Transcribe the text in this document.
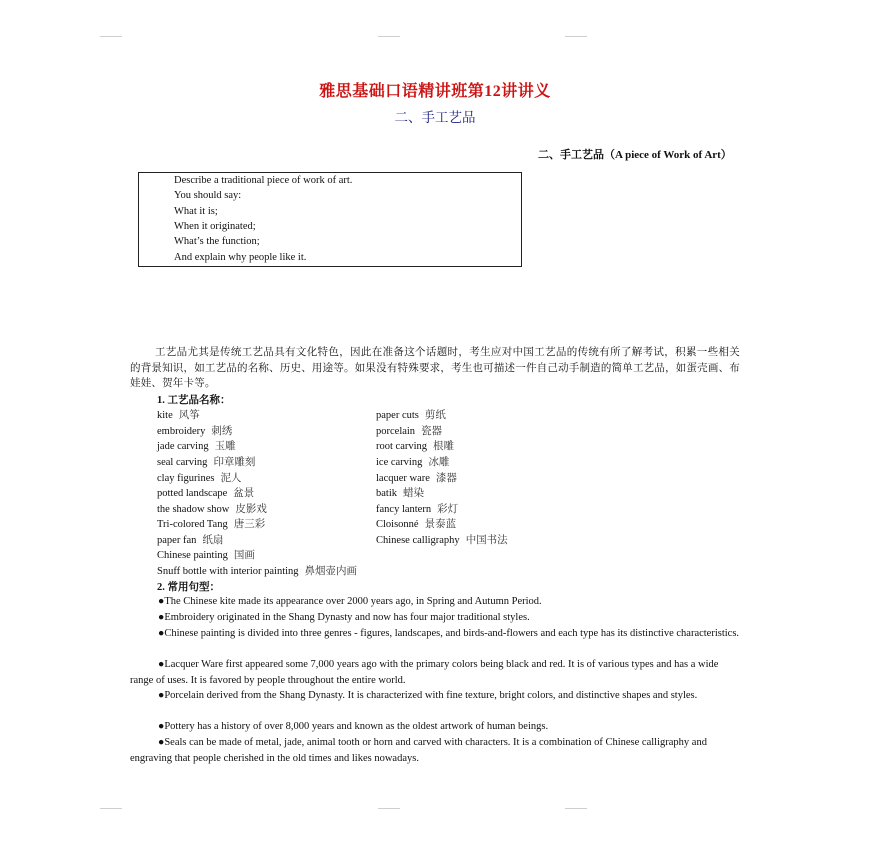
雅思基础口语精讲班第12讲讲义
二、手工艺品
二、手工艺品（A piece of Work of Art）
Describe a traditional piece of work of art.
You should say:
What it is;
When it originated;
What’s the function;
And explain why people like it.
工艺品尤其是传统工艺品具有文化特色，因此在准备这个话题时，考生应对中国工艺品的传统有所了解考试，积累一些相关的背景知识，如工艺品的名称、历史、用途等。如果没有特殊要求，考生也可描述一件自己动手制造的简单工艺品，如蛋壳画、布娃娃、贺年卡等。
1. 工艺品名称：
kite 风筝	paper cuts 剪纸
embroidery 刺绣	porcelain 瓷器
jade carving 玉雕	root carving 根雕
seal carving 印章雕刻	ice carving 冰雕
clay figurines 泥人	lacquer ware 漆器
potted landscape 盆景	batik 蜡染
the shadow show 皮影戏	fancy lantern 彩灯
Tri-colored Tang 唐三彩	Cloisonné 景泰蓝
paper fan 纸扇	Chinese calligraphy 中国书法
Chinese painting 国画
Snuff bottle with interior painting 鼻烟壶内画
2. 常用句型：
●The Chinese kite made its appearance over 2000 years ago, in Spring and Autumn Period.
●Embroidery originated in the Shang Dynasty and now has four major traditional styles.
●Chinese painting is divided into three genres - figures, landscapes, and birds-and-flowers and each type has its distinctive characteristics.
●Lacquer Ware first appeared some 7,000 years ago with the primary colors being black and red. It is of various types and has a wide range of uses. It is favored by people throughout the entire world.
●Porcelain derived from the Shang Dynasty. It is characterized with fine texture, bright colors, and distinctive shapes and styles.
●Pottery has a history of over 8,000 years and known as the oldest artwork of human beings.
●Seals can be made of metal, jade, animal tooth or horn and carved with characters. It is a combination of Chinese calligraphy and engraving that people cherished in the old times and likes nowadays.
